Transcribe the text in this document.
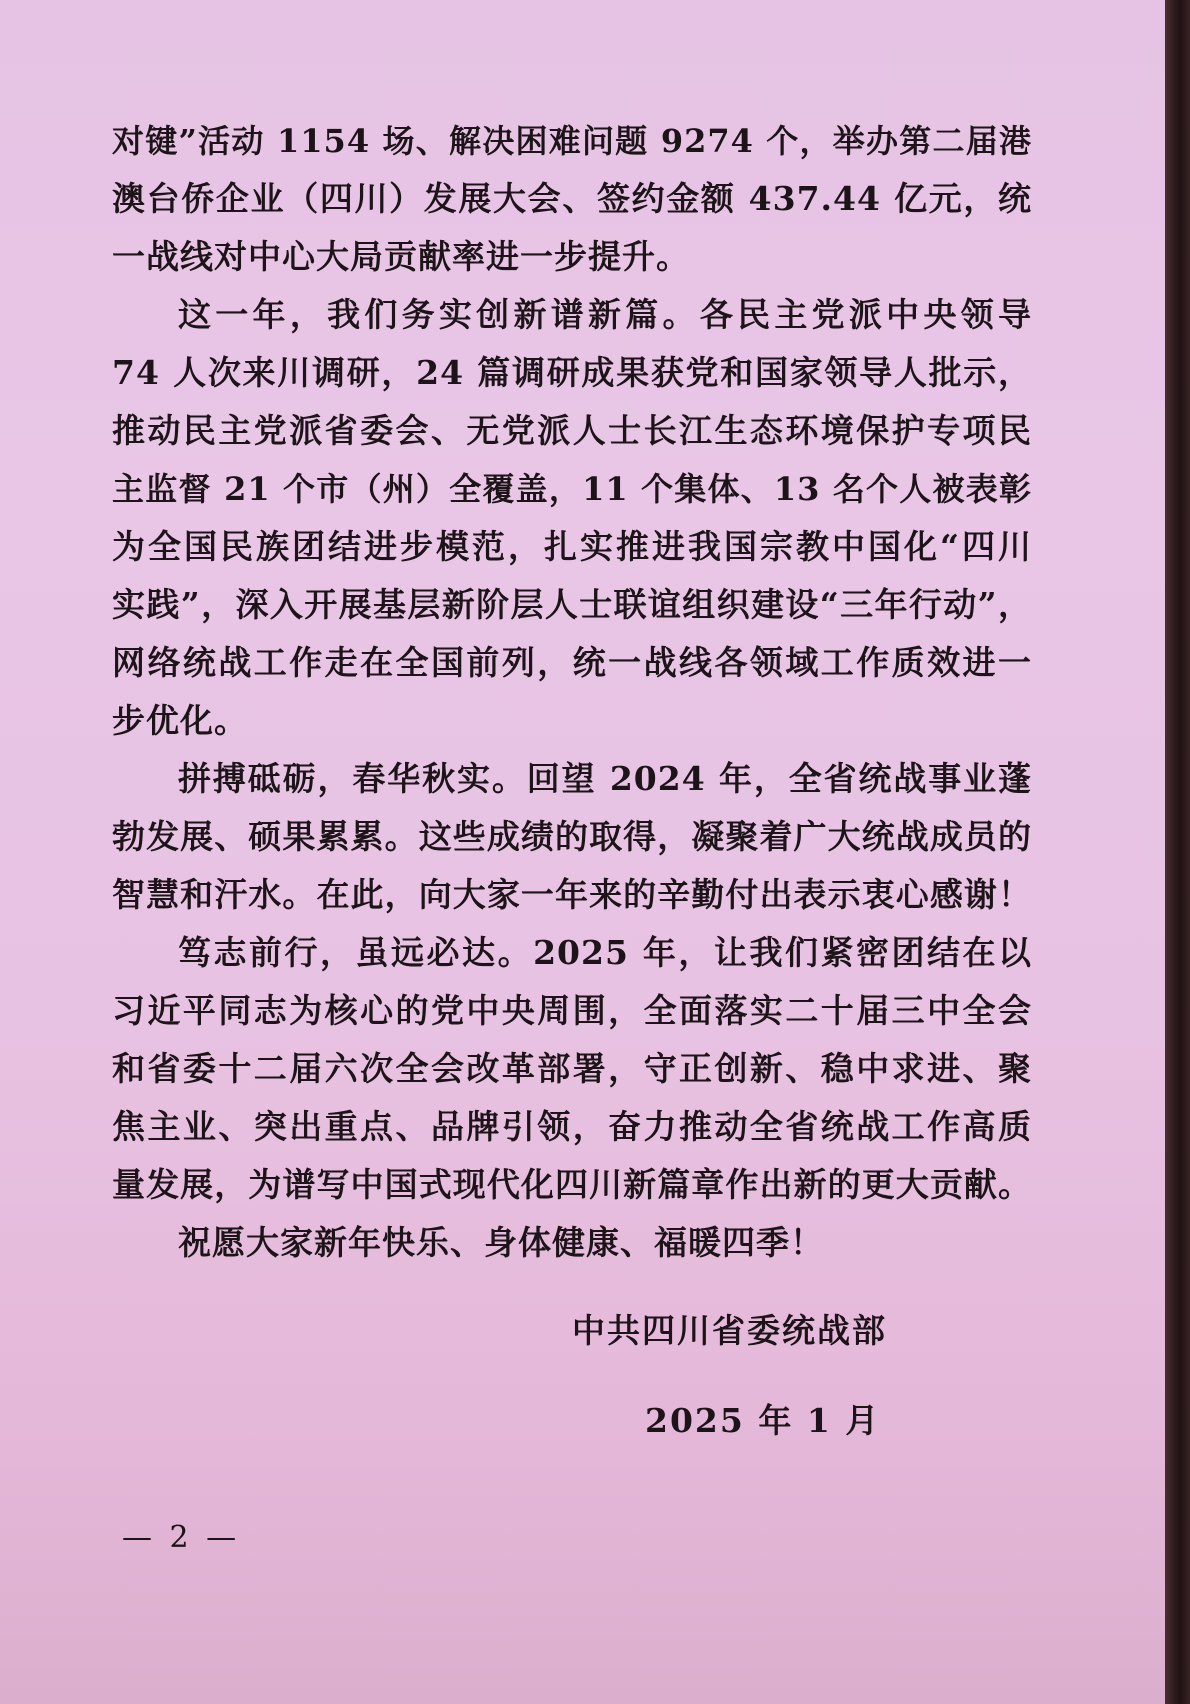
对键”活动 1154 场、解决困难问题 9274 个，举办第二届港
澳台侨企业（四川）发展大会、签约金额 437.44 亿元，统
一战线对中心大局贡献率进一步提升。
这一年，我们务实创新谱新篇。各民主党派中央领导
74 人次来川调研，24 篇调研成果获党和国家领导人批示，
推动民主党派省委会、无党派人士长江生态环境保护专项民
主监督 21 个市（州）全覆盖，11 个集体、13 名个人被表彰
为全国民族团结进步模范，扎实推进我国宗教中国化“四川
实践”，深入开展基层新阶层人士联谊组织建设“三年行动”，
网络统战工作走在全国前列，统一战线各领域工作质效进一
步优化。
拼搏砥砺，春华秋实。回望 2024 年，全省统战事业蓬
勃发展、硕果累累。这些成绩的取得，凝聚着广大统战成员的
智慧和汗水。在此，向大家一年来的辛勤付出表示衷心感谢！
笃志前行，虽远必达。2025 年，让我们紧密团结在以
习近平同志为核心的党中央周围，全面落实二十届三中全会
和省委十二届六次全会改革部署，守正创新、稳中求进、聚
焦主业、突出重点、品牌引领，奋力推动全省统战工作高质
量发展，为谱写中国式现代化四川新篇章作出新的更大贡献。
祝愿大家新年快乐、身体健康、福暖四季！
中共四川省委统战部
2025 年 1 月
— 2 —
